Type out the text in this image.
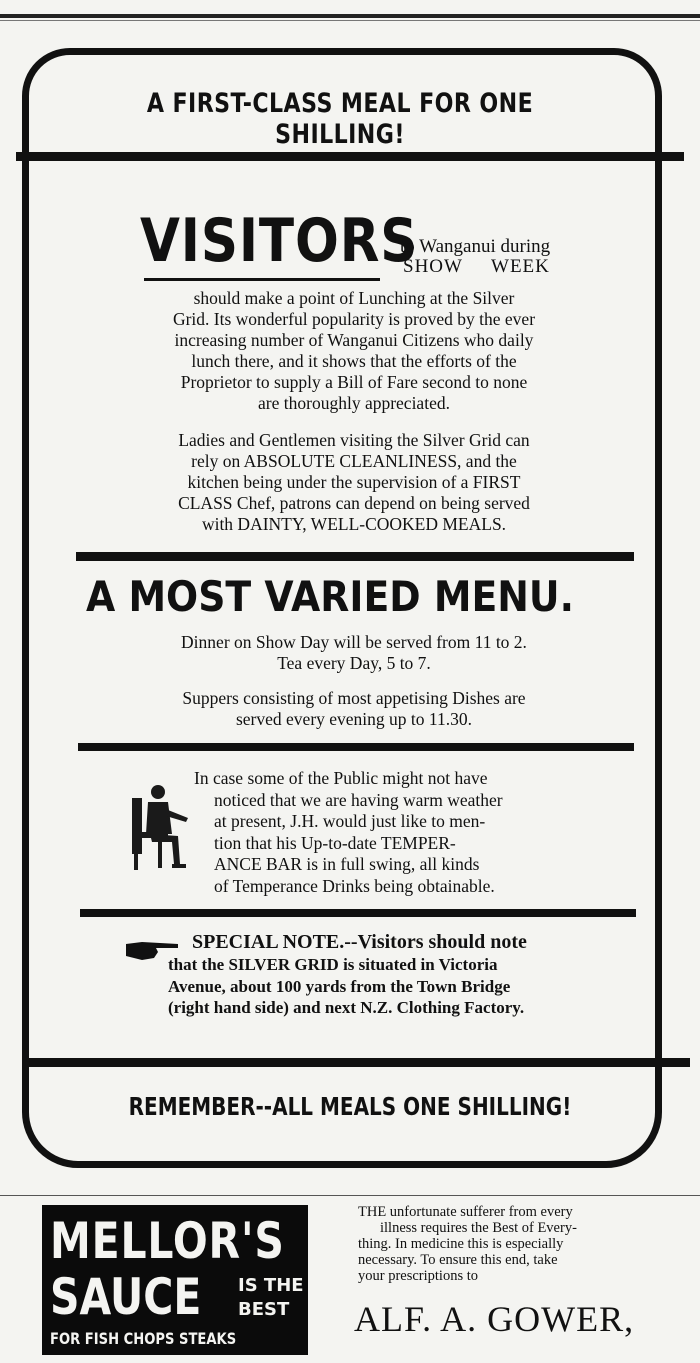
A FIRST-CLASS MEAL FOR ONE SHILLING!
VISITORS
to Wanganui during
SHOW     WEEK
should make a point of Lunching at the Silver
Grid. Its wonderful popularity is proved by the ever
increasing number of Wanganui Citizens who daily
lunch there, and it shows that the efforts of the
Proprietor to supply a Bill of Fare second to none
are thoroughly appreciated.
Ladies and Gentlemen visiting the Silver Grid can
rely on ABSOLUTE CLEANLINESS, and the
kitchen being under the supervision of a FIRST
CLASS Chef, patrons can depend on being served
with DAINTY, WELL-COOKED MEALS.
A MOST VARIED MENU.
Dinner on Show Day will be served from 11 to 2.
Tea every Day, 5 to 7.
Suppers consisting of most appetising Dishes are
served every evening up to 11.30.
In case some of the Public might not have
noticed that we are having warm weather
at present, J.H. would just like to men-
tion that his Up-to-date TEMPER-
ANCE BAR is in full swing, all kinds
of Temperance Drinks being obtainable.
SPECIAL NOTE.--Visitors should note
that the SILVER GRID is situated in Victoria
Avenue, about 100 yards from the Town Bridge
(right hand side) and next N.Z. Clothing Factory.
REMEMBER--ALL MEALS ONE SHILLING!
MELLOR'S
SAUCE IS THE
BEST
FOR FISH CHOPS STEAKS
THE unfortunate sufferer from every
illness requires the Best of Every-
thing. In medicine this is especially
necessary. To ensure this end, take
your prescriptions to
ALF. A. GOWER,
